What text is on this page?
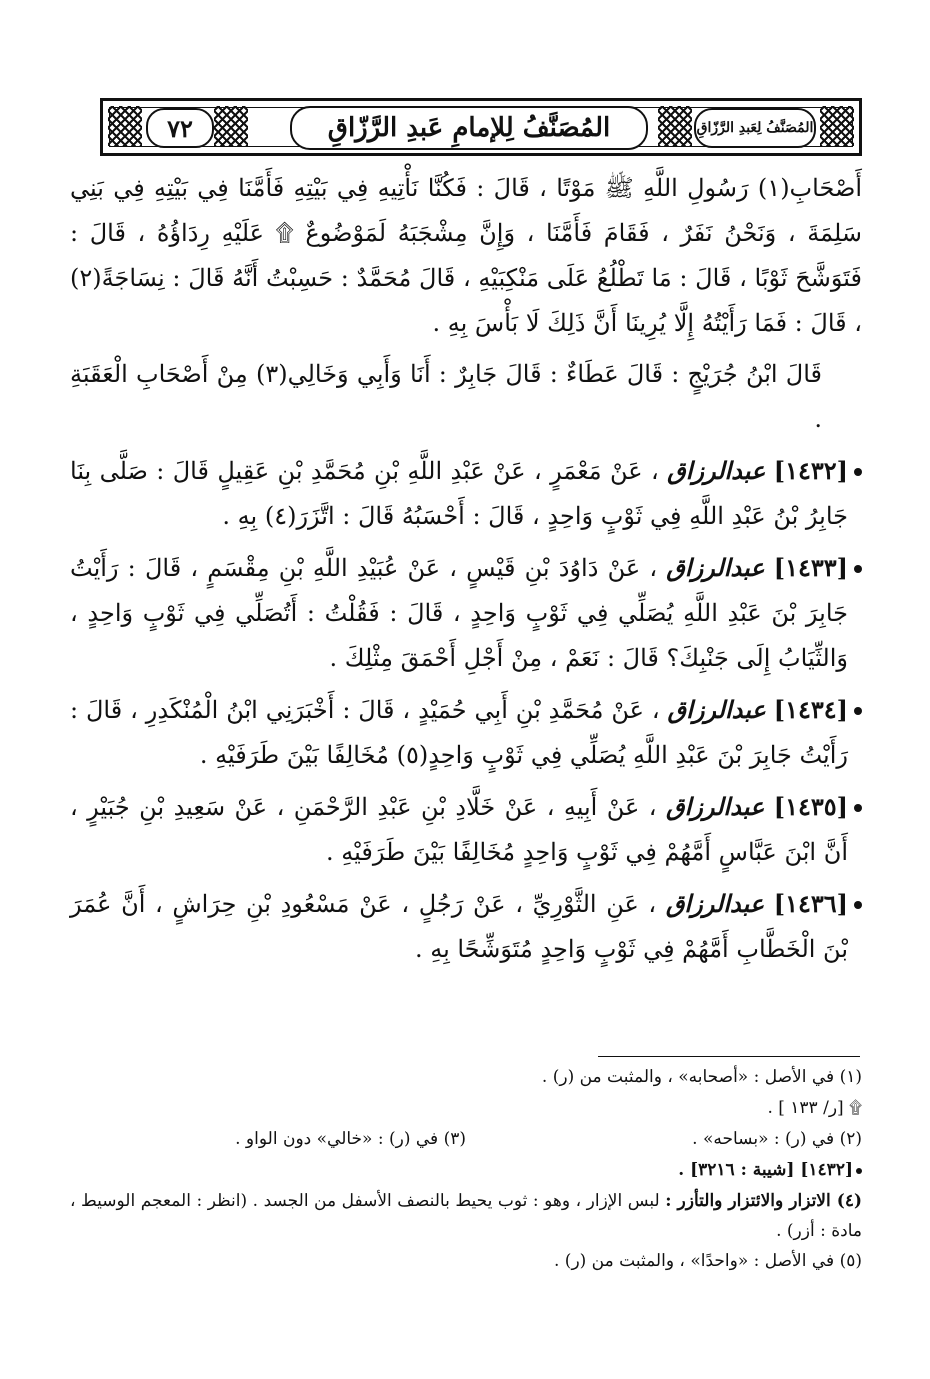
المُصَنَّفُ لِعَبدِ الرَّزّاقِ
المُصَنَّفُ لِلإمامِ عَبدِ الرَّزّاقِ
٧٢

أَصْحَابِ(١) رَسُولِ اللَّهِ ﷺ مَوْتًا ، قَالَ : فَكُنَّا نَأْتِيهِ فِي بَيْتِهِ فَأَمَّنَا فِي بَيْتِهِ فِي بَنِي سَلِمَةَ ، وَنَحْنُ نَفَرٌ ، فَقَامَ فَأَمَّنَا ، وَإِنَّ مِشْجَبَهُ لَمَوْضُوعٌ ۩ عَلَيْهِ رِدَاؤُهُ ، قَالَ : فَتَوَشَّحَ ثَوْبًا ، قَالَ : مَا تَطْلُعُ عَلَى مَنْكِبَيْهِ ، قَالَ مُحَمَّدٌ : حَسِبْتُ أَنَّهُ قَالَ : نِسَاجَةً(٢) ، قَالَ : فَمَا رَأَيْتُهُ إِلَّا يُرِينَا أَنَّ ذَلِكَ لَا بَأْسَ بِهِ .

قَالَ ابْنُ جُرَيْجٍ : قَالَ عَطَاءٌ : قَالَ جَابِرٌ : أَنَا وَأَبِي وَخَالِي(٣) مِنْ أَصْحَابِ الْعَقَبَةِ .

[١٤٣٢] عبدالرزاق ، عَنْ مَعْمَرٍ ، عَنْ عَبْدِ اللَّهِ بْنِ مُحَمَّدِ بْنِ عَقِيلٍ قَالَ : صَلَّى بِنَا جَابِرُ بْنُ عَبْدِ اللَّهِ فِي ثَوْبٍ وَاحِدٍ ، قَالَ : أَحْسَبُهُ قَالَ : اتَّزَرَ(٤) بِهِ .

[١٤٣٣] عبدالرزاق ، عَنْ دَاوُدَ بْنِ قَيْسٍ ، عَنْ عُبَيْدِ اللَّهِ بْنِ مِقْسَمٍ ، قَالَ : رَأَيْتُ جَابِرَ بْنَ عَبْدِ اللَّهِ يُصَلِّي فِي ثَوْبٍ وَاحِدٍ ، قَالَ : فَقُلْتُ : أَتُصَلِّي فِي ثَوْبٍ وَاحِدٍ ، وَالثِّيَابُ إِلَى جَنْبِكَ؟ قَالَ : نَعَمْ ، مِنْ أَجْلِ أَحْمَقَ مِثْلِكَ .

[١٤٣٤] عبدالرزاق ، عَنْ مُحَمَّدِ بْنِ أَبِي حُمَيْدٍ ، قَالَ : أَخْبَرَنِي ابْنُ الْمُنْكَدِرِ ، قَالَ : رَأَيْتُ جَابِرَ بْنَ عَبْدِ اللَّهِ يُصَلِّي فِي ثَوْبٍ وَاحِدٍ(٥) مُخَالِفًا بَيْنَ طَرَفَيْهِ .

[١٤٣٥] عبدالرزاق ، عَنْ أَبِيهِ ، عَنْ خَلَّادِ بْنِ عَبْدِ الرَّحْمَنِ ، عَنْ سَعِيدِ بْنِ جُبَيْرٍ ، أَنَّ ابْنَ عَبَّاسٍ أَمَّهُمْ فِي ثَوْبٍ وَاحِدٍ مُخَالِفًا بَيْنَ طَرَفَيْهِ .

[١٤٣٦] عبدالرزاق ، عَنِ الثَّوْرِيِّ ، عَنْ رَجُلٍ ، عَنْ مَسْعُودِ بْنِ حِرَاشٍ ، أَنَّ عُمَرَ بْنَ الْخَطَّابِ أَمَّهُمْ فِي ثَوْبٍ وَاحِدٍ مُتَوَشِّحًا بِهِ .

(١) في الأصل : «أصحابه» ، والمثبت من (ر) .

۩ [ر/ ١٣٣ ] .

(٢) في (ر) : «بساحه» .
(٣) في (ر) : «خالي» دون الواو .

[١٤٣٢] [شيبة : ٣٢١٦] .

(٤) الاتزار والائتزار والتأزر : لبس الإزار ، وهو : ثوب يحيط بالنصف الأسفل من الجسد . (انظر : المعجم الوسيط ، مادة : أزر) .

(٥) في الأصل : «واحدًا» ، والمثبت من (ر) .
